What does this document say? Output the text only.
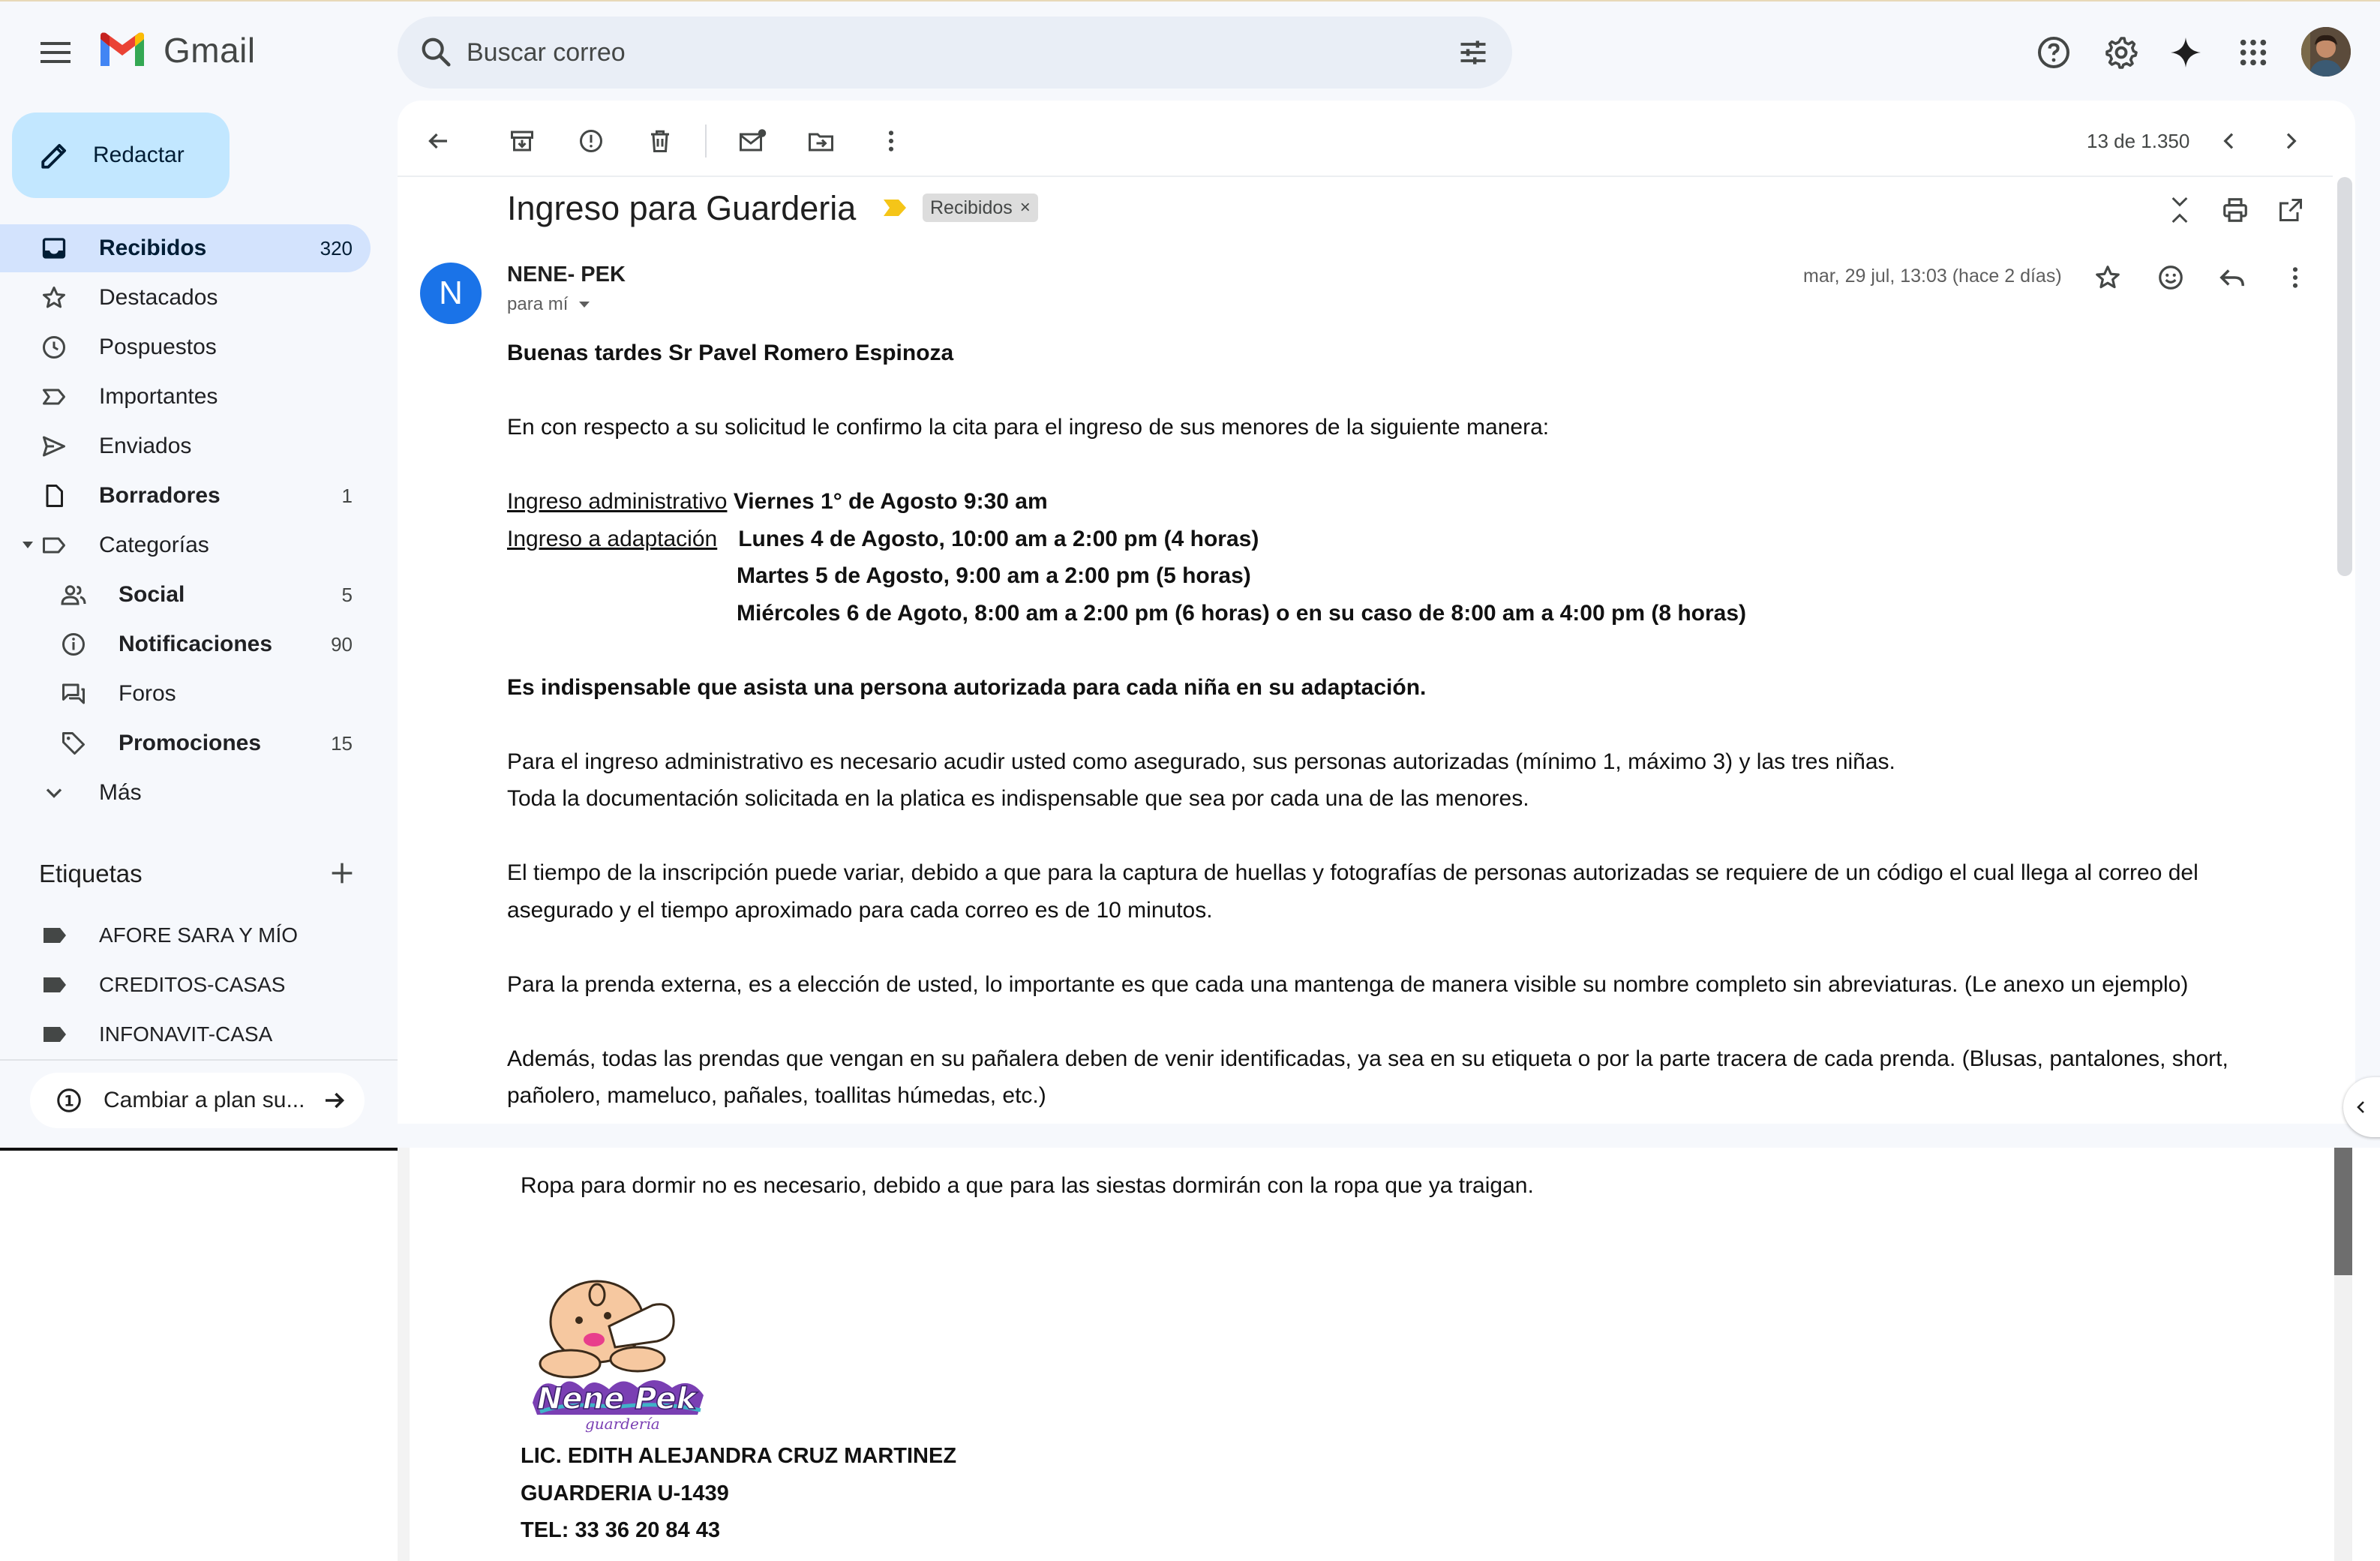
Gmail
Buscar correo
Redactar
Recibidos	320
Destacados
Pospuestos
Importantes
Enviados
Borradores	1
Categorías
Social	5
Notificaciones	90
Foros
Promociones	15
Más
Etiquetas
AFORE SARA Y MÍO
CREDITOS-CASAS
INFONAVIT-CASA
1 Cambiar a plan su...
13 de 1.350
Ingreso para Guarderia	Recibidos ×
N	NENE- PEK
para mí
mar, 29 jul, 13:03 (hace 2 días)

Buenas tardes Sr Pavel Romero Espinoza

En con respecto a su solicitud le confirmo la cita para el ingreso de sus menores de la siguiente manera:

Ingreso administrativo Viernes 1° de Agosto 9:30 am

Ingreso a adaptación Lunes 4 de Agosto, 10:00 am a 2:00 pm (4 horas)

Martes 5 de Agosto, 9:00 am a 2:00 pm (5 horas)

Miércoles 6 de Agoto, 8:00 am a 2:00 pm (6 horas) o en su caso de 8:00 am a 4:00 pm (8 horas)

Es indispensable que asista una persona autorizada para cada niña en su adaptación.

Para el ingreso administrativo es necesario acudir usted como asegurado, sus personas autorizadas (mínimo 1, máximo 3) y las tres niñas.

Toda la documentación solicitada en la platica es indispensable que sea por cada una de las menores.

El tiempo de la inscripción puede variar, debido a que para la captura de huellas y fotografías de personas autorizadas se requiere de un código el cual llega al correo del

asegurado y el tiempo aproximado para cada correo es de 10 minutos.

Para la prenda externa, es a elección de usted, lo importante es que cada una mantenga de manera visible su nombre completo sin abreviaturas. (Le anexo un ejemplo)

Además, todas las prendas que vengan en su pañalera deben de venir identificadas, ya sea en su etiqueta o por la parte tracera de cada prenda. (Blusas, pantalones, short,

pañolero, mameluco, pañales, toallitas húmedas, etc.)

Ropa para dormir no es necesario, debido a que para las siestas dormirán con la ropa que ya traigan.

Nene Pek
guardería

LIC. EDITH ALEJANDRA CRUZ MARTINEZ

GUARDERIA U-1439

TEL: 33 36 20 84 43
